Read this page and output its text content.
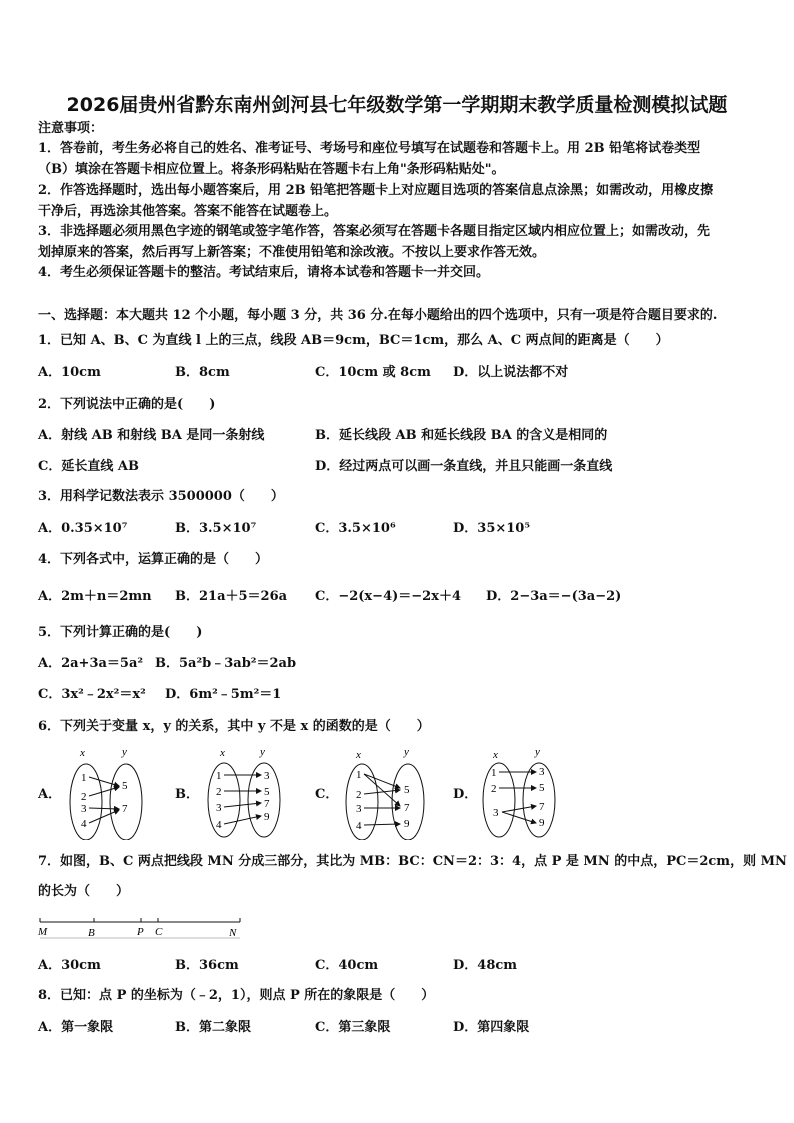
2026届贵州省黔东南州剑河县七年级数学第一学期期末教学质量检测模拟试题
注意事项：
1．答卷前，考生务必将自己的姓名、准考证号、考场号和座位号填写在试题卷和答题卡上。用 2B 铅笔将试卷类型
（B）填涂在答题卡相应位置上。将条形码粘贴在答题卡右上角"条形码粘贴处"。
2．作答选择题时，选出每小题答案后，用 2B 铅笔把答题卡上对应题目选项的答案信息点涂黑；如需改动，用橡皮擦
干净后，再选涂其他答案。答案不能答在试题卷上。
3．非选择题必须用黑色字迹的钢笔或签字笔作答，答案必须写在答题卡各题目指定区域内相应位置上；如需改动，先
划掉原来的答案，然后再写上新答案；不准使用铅笔和涂改液。不按以上要求作答无效。
4．考生必须保证答题卡的整洁。考试结束后，请将本试卷和答题卡一并交回。
一、选择题：本大题共 12 个小题，每小题 3 分，共 36 分.在每小题给出的四个选项中，只有一项是符合题目要求的.
1．已知 A、B、C 为直线 l 上的三点，线段 AB＝9cm，BC＝1cm，那么 A、C 两点间的距离是（　　）
A．10cm	B．8cm	C．10cm 或 8cm D．以上说法都不对
2．下列说法中正确的是(　　)
A．射线 AB 和射线 BA 是同一条射线	B．延长线段 AB 和延长线段 BA 的含义是相同的
C．延长直线 AB	D．经过两点可以画一条直线，并且只能画一条直线
3．用科学记数法表示 3500000（　　）
A．0.35×10⁷	B．3.5×10⁷	C．3.5×10⁶	D．35×10⁵
4．下列各式中，运算正确的是（　　）
A．2m＋n＝2mn B．21a＋5＝26a C．−2(x−4)＝−2x＋4 D．2−3a＝−(3a−2)
5．下列计算正确的是(　　)
A．2a+3a＝5a² B．5a²b﹣3ab²＝2ab
C．3x²﹣2x²＝x² D．6m²﹣5m²＝1
6．下列关于变量 x，y 的关系，其中 y 不是 x 的函数的是（　　）
A．	B．	C．	D．
x	y
1
2
3
4
5
7
x	y
1
2
3
4
3
5
7
9
x	y
1
2
3
4
5
7
9
x	y
1
2
3
3
5
7
9
7．如图，B、C 两点把线段 MN 分成三部分，其比为 MB：BC：CN＝2：3：4，点 P 是 MN 的中点，PC＝2cm，则 MN
的长为（　　）
M	B	P C	N
A．30cm	B．36cm	C．40cm	D．48cm
8．已知：点 P 的坐标为（﹣2，1），则点 P 所在的象限是（　　）
A．第一象限	B．第二象限	C．第三象限	D．第四象限
